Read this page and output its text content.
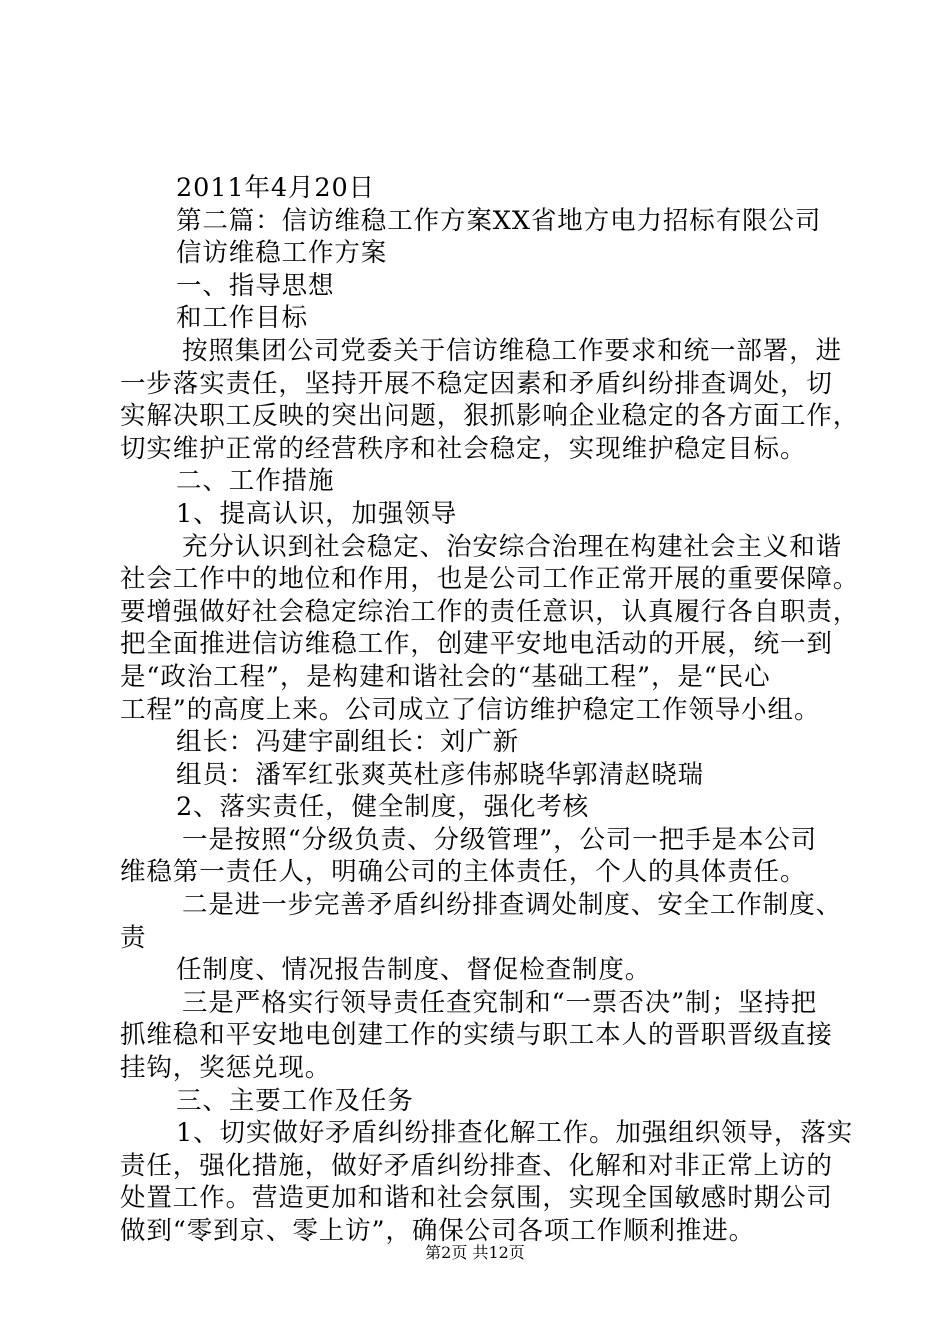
2011年4月20日

第二篇：信访维稳工作方案XX省地方电力招标有限公司

信访维稳工作方案

一、指导思想

和工作目标

按照集团公司党委关于信访维稳工作要求和统一部署，进

一步落实责任，坚持开展不稳定因素和矛盾纠纷排查调处，切

实解决职工反映的突出问题，狠抓影响企业稳定的各方面工作，

切实维护正常的经营秩序和社会稳定，实现维护稳定目标。

二、工作措施

1、提高认识，加强领导

充分认识到社会稳定、治安综合治理在构建社会主义和谐

社会工作中的地位和作用，也是公司工作正常开展的重要保障。

要增强做好社会稳定综治工作的责任意识，认真履行各自职责，

把全面推进信访维稳工作，创建平安地电活动的开展，统一到

是“政治工程”，是构建和谐社会的“基础工程”，是“民心

工程”的高度上来。公司成立了信访维护稳定工作领导小组。

组长：冯建宇副组长：刘广新

组员：潘军红张爽英杜彦伟郝晓华郭清赵晓瑞

2、落实责任，健全制度，强化考核

一是按照“分级负责、分级管理”，公司一把手是本公司

维稳第一责任人，明确公司的主体责任，个人的具体责任。

二是进一步完善矛盾纠纷排查调处制度、安全工作制度、

责

任制度、情况报告制度、督促检查制度。

三是严格实行领导责任查究制和“一票否决”制；坚持把

抓维稳和平安地电创建工作的实绩与职工本人的晋职晋级直接

挂钩，奖惩兑现。

三、主要工作及任务

1、切实做好矛盾纠纷排查化解工作。加强组织领导，落实

责任，强化措施，做好矛盾纠纷排查、化解和对非正常上访的

处置工作。营造更加和谐和社会氛围，实现全国敏感时期公司

做到“零到京、零上访”，确保公司各项工作顺利推进。

第2页 共12页
